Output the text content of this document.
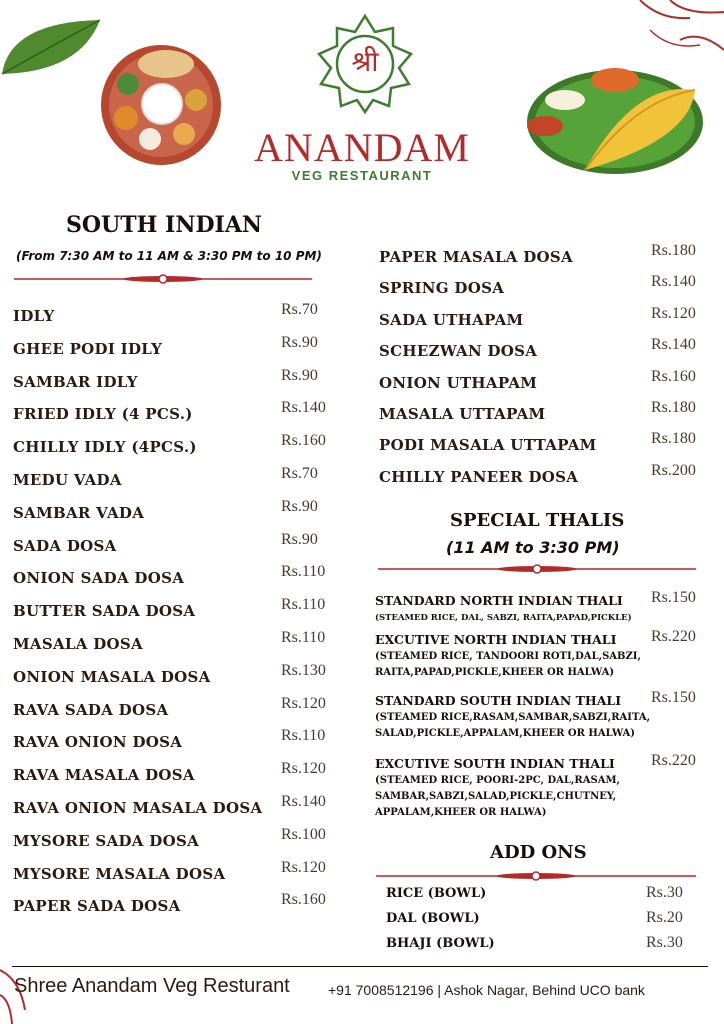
श्री
ANANDAM
VEG RESTAURANT
SOUTH INDIAN
(From 7:30 AM to 11 AM & 3:30 PM to 10 PM)
IDLY	Rs.70
GHEE PODI IDLY	Rs.90
SAMBAR IDLY	Rs.90
FRIED IDLY (4 PCS.)	Rs.140
CHILLY IDLY (4PCS.)	Rs.160
MEDU VADA	Rs.70
SAMBAR VADA	Rs.90
SADA DOSA	Rs.90
ONION SADA DOSA	Rs.110
BUTTER SADA DOSA	Rs.110
MASALA DOSA	Rs.110
ONION MASALA DOSA	Rs.130
RAVA SADA DOSA	Rs.120
RAVA ONION DOSA	Rs.110
RAVA MASALA DOSA	Rs.120
RAVA ONION MASALA DOSA Rs.140
MYSORE SADA DOSA	Rs.100
MYSORE MASALA DOSA	Rs.120
PAPER SADA DOSA	Rs.160
PAPER MASALA DOSA	Rs.180
SPRING DOSA	Rs.140
SADA UTHAPAM	Rs.120
SCHEZWAN DOSA	Rs.140
ONION UTHAPAM	Rs.160
MASALA UTTAPAM	Rs.180
PODI MASALA UTTAPAM	Rs.180
CHILLY PANEER DOSA	Rs.200
SPECIAL THALIS
(11 AM to 3:30 PM)
STANDARD NORTH INDIAN THALI
(STEAMED RICE, DAL, SABZI, RAITA,PAPAD,PICKLE)
Rs.150
EXCUTIVE NORTH INDIAN THALI
(STEAMED RICE, TANDOORI ROTI,DAL,SABZI,
RAITA,PAPAD,PICKLE,KHEER OR HALWA)
Rs.220
STANDARD SOUTH INDIAN THALI
(STEAMED RICE,RASAM,SAMBAR,SABZI,RAITA,
SALAD,PICKLE,APPALAM,KHEER OR HALWA)
Rs.150
EXCUTIVE SOUTH INDIAN THALI
(STEAMED RICE, POORI-2PC, DAL,RASAM,
SAMBAR,SABZI,SALAD,PICKLE,CHUTNEY,
APPALAM,KHEER OR HALWA)
Rs.220
ADD ONS
RICE (BOWL)	Rs.30
DAL (BOWL)	Rs.20
BHAJI (BOWL)	Rs.30
Shree Anandam Veg Resturant	+91 7008512196 | Ashok Nagar, Behind UCO bank
